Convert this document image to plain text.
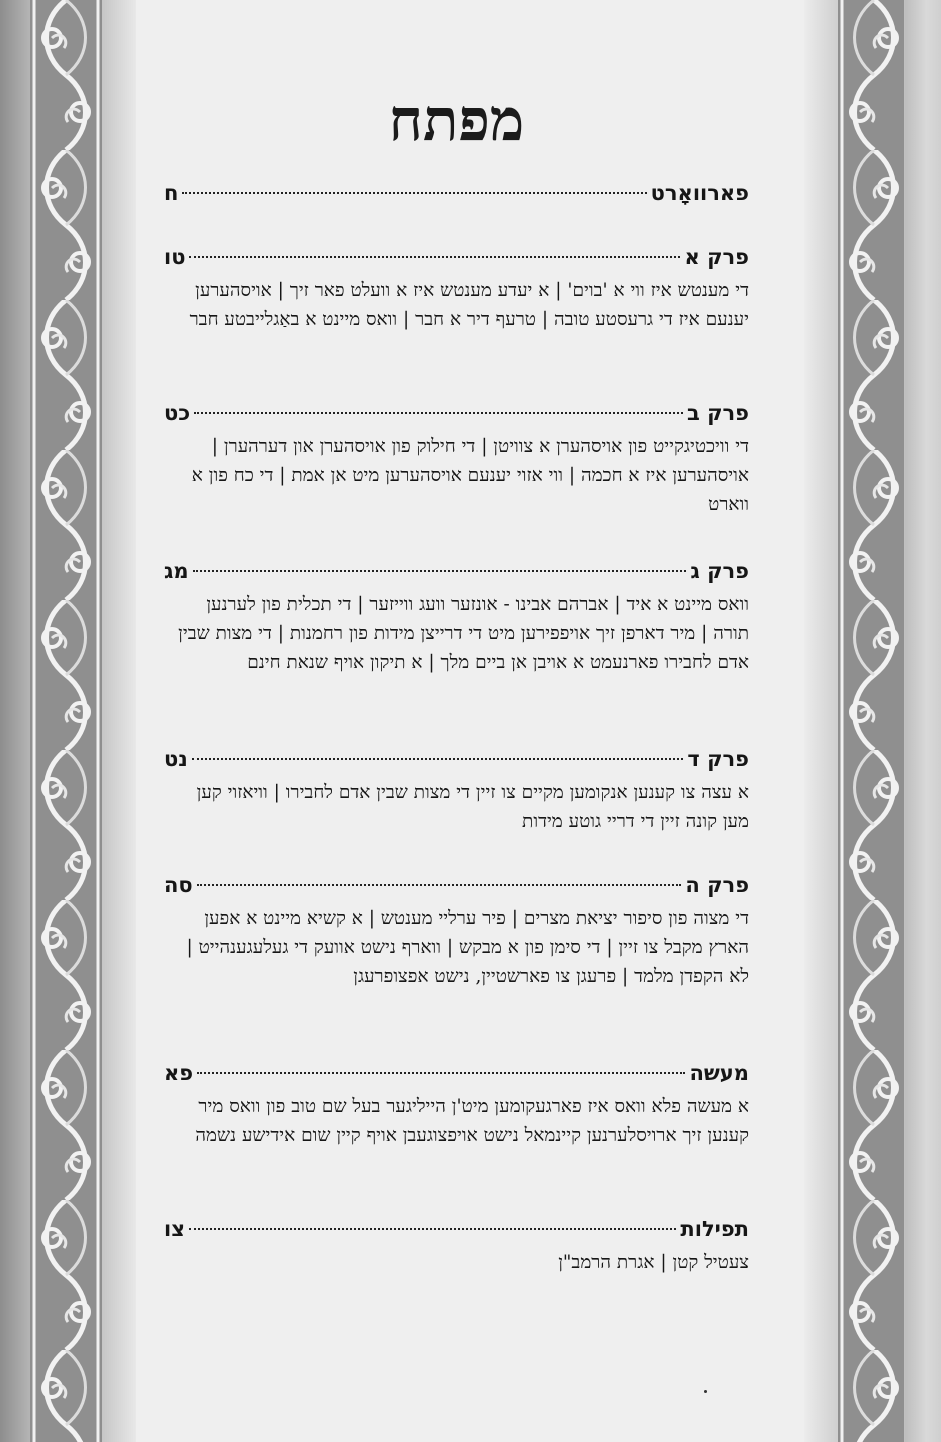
מפתח
פארוואָרט
ח
פרק א
טו
די מענטש איז ווי א 'בוים' | א יעדע מענטש איז א וועלט פאר זיך | אויסהערען יענעם איז די גרעסטע טובה | טרעף דיר א חבר | וואס מיינט א באַגלייבטע חבר
פרק ב
כט
די וויכטיגקייט פון אויסהערן א צוויטן | די חילוק פון אויסהערן און דערהערן | אויסהערען איז א חכמה | ווי אזוי יענעם אויסהערען מיט אן אמת | די כח פון א ווארט
פרק ג
מג
וואס מיינט א איד | אברהם אבינו - אונזער וועג ווייזער | די תכלית פון לערנען תורה | מיר דארפן זיך אויפפירען מיט די דרייצן מידות פון רחמנות | די מצות שבין אדם לחבירו פארנעמט א אויבן אן ביים מלך | א תיקון אויף שנאת חינם
פרק ד
נט
א עצה צו קענען אנקומען מקיים צו זיין די מצות שבין אדם לחבירו | וויאזוי קען מען קונה זיין די דריי גוטע מידות
פרק ה
סה
די מצוה פון סיפור יציאת מצרים | פיר ערליי מענטש | א קשיא מיינט א אפען הארץ מקבל צו זיין | די סימן פון א מבקש | ווארף נישט אוועק די געלעגענהייט | לא הקפדן מלמד | פרעגן צו פארשטיין, נישט אפצופרעגן
מעשה
פא
א מעשה פלא וואס איז פארגעקומען מיט'ן הייליגער בעל שם טוב פון וואס מיר קענען זיך ארויסלערנען קיינמאל נישט אויפצוגעבן אויף קיין שום אידישע נשמה
תפילות
צו
צעטיל קטן | אגרת הרמב"ן
